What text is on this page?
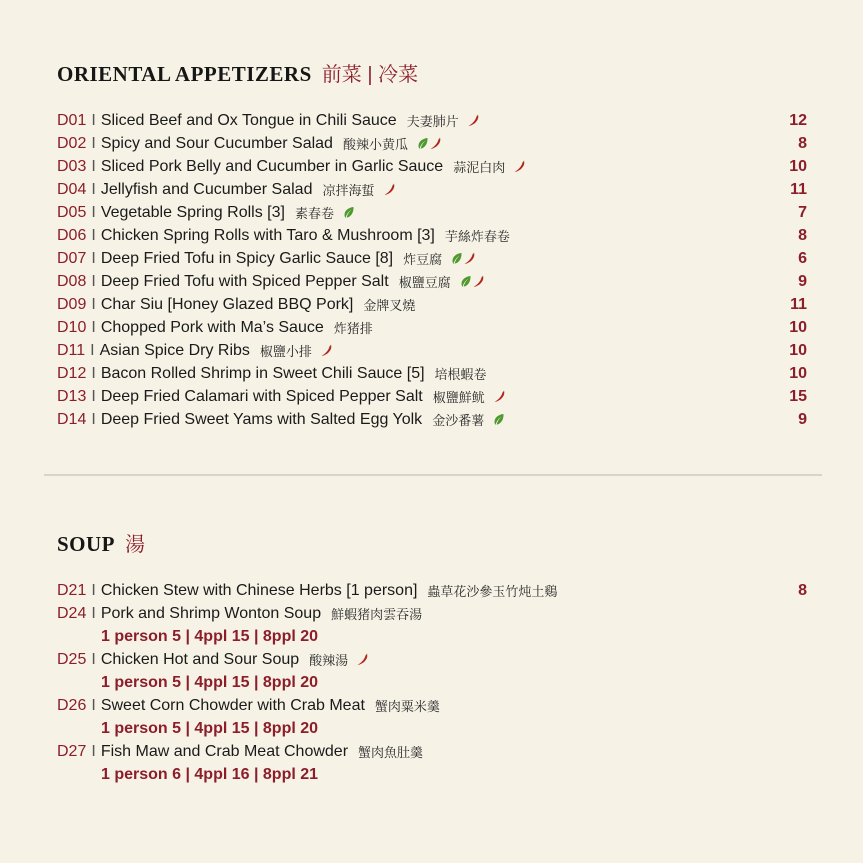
ORIENTAL APPETIZERS 前菜 | 冷菜
D01 I Sliced Beef and Ox Tongue in Chili Sauce 夫妻肺片	12
D02 I Spicy and Sour Cucumber Salad 酸辣小黄瓜	8
D03 I Sliced Pork Belly and Cucumber in Garlic Sauce 蒜泥白肉	10
D04 I Jellyfish and Cucumber Salad 凉拌海蜇	11
D05 I Vegetable Spring Rolls [3] 素春卷	7
D06 I Chicken Spring Rolls with Taro & Mushroom [3] 芋絲炸春卷	8
D07 I Deep Fried Tofu in Spicy Garlic Sauce [8] 炸豆腐	6
D08 I Deep Fried Tofu with Spiced Pepper Salt 椒鹽豆腐	9
D09 I Char Siu [Honey Glazed BBQ Pork] 金牌叉燒	11
D10 I Chopped Pork with Ma’s Sauce 炸猪排	10
D11 I Asian Spice Dry Ribs 椒鹽小排	10
D12 I Bacon Rolled Shrimp in Sweet Chili Sauce [5] 培根蝦卷	10
D13 I Deep Fried Calamari with Spiced Pepper Salt 椒鹽鮮鱿	15
D14 I Deep Fried Sweet Yams with Salted Egg Yolk 金沙番薯	9
SOUP 湯
D21 I Chicken Stew with Chinese Herbs [1 person] 蟲草花沙參玉竹炖土鷄	8
D24 I Pork and Shrimp Wonton Soup 鮮蝦猪肉雲吞湯
1 person 5 | 4ppl 15 | 8ppl 20
D25 I Chicken Hot and Sour Soup 酸辣湯
1 person 5 | 4ppl 15 | 8ppl 20
D26 I Sweet Corn Chowder with Crab Meat 蟹肉粟米羹
1 person 5 | 4ppl 15 | 8ppl 20
D27 I Fish Maw and Crab Meat Chowder 蟹肉魚肚羹
1 person 6 | 4ppl 16 | 8ppl 21
